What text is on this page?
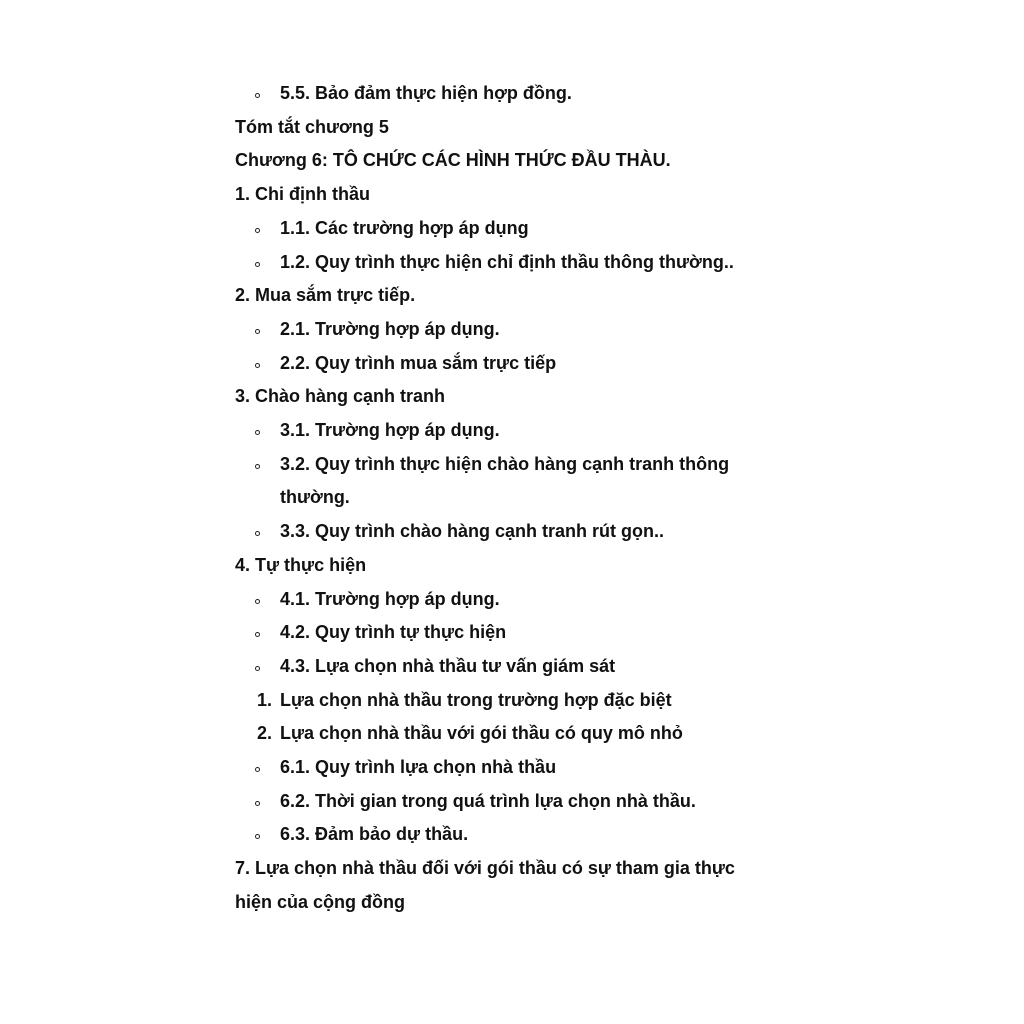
5.5. Bảo đảm thực hiện hợp đồng.
Tóm tắt chương 5
Chương 6: TÔ CHỨC CÁC HÌNH THỨC ĐẦU THÀU.
1. Chi định thầu
1.1. Các trường hợp áp dụng
1.2. Quy trình thực hiện chỉ định thầu thông thường..
2. Mua sắm trực tiếp.
2.1. Trường hợp áp dụng.
2.2. Quy trình mua sắm trực tiếp
3. Chào hàng cạnh tranh
3.1. Trường hợp áp dụng.
3.2. Quy trình thực hiện chào hàng cạnh tranh thông thường.
3.3. Quy trình chào hàng cạnh tranh rút gọn..
4. Tự thực hiện
4.1. Trường hợp áp dụng.
4.2. Quy trình tự thực hiện
4.3. Lựa chọn nhà thầu tư vấn giám sát
1. Lựa chọn nhà thầu trong trường hợp đặc biệt
2. Lựa chọn nhà thầu với gói thầu có quy mô nhỏ
6.1. Quy trình lựa chọn nhà thầu
6.2. Thời gian trong quá trình lựa chọn nhà thầu.
6.3. Đảm bảo dự thầu.
7. Lựa chọn nhà thầu đối với gói thầu có sự tham gia thực hiện của cộng đồng
